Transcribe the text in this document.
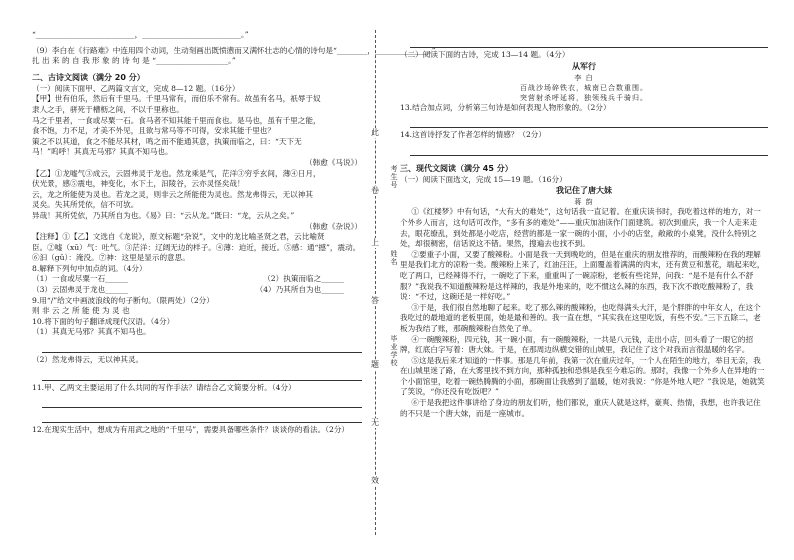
“__________________________，__________________________。”

（9）李白在《行路难》中连用四个动词，生动刻画出既愤懑而又满怀壮志的心情的诗句是“________，______________。”

扎 出 来 的 自 我 形 象 的 诗 句 是 “___________________。”

二、古诗文阅读（满分 20 分）

（一）阅读下面甲、乙两篇文言文，完成 8—12 题。（16分）

【甲】世有伯乐，然后有千里马。千里马常有，而伯乐不常有。故虽有名马，祇辱于奴

隶人之手，骈死于槽枥之间，不以千里称也。

马之千里者，一食或尽粟一石。食马者不知其能千里而食也。是马也，虽有千里之能，

食不饱，力不足，才美不外见，且欲与常马等不可得，安求其能千里也？

策之不以其道，食之不能尽其材，鸣之而不能通其意，执策而临之，曰：“天下无

马！”呜呼！其真无马邪？其真不知马也。

（韩愈《马说》）

【乙】①龙嘘气③成云，云固弗灵于龙也。然龙乘是气，茫洋③穷乎玄间，薄④日月，

伏光景，感⑤震电，神变化，水下土，汩陵谷，云亦灵怪矣哉！

云，龙之所能使为灵也。若龙之灵，则非云之所能使为灵也。然龙弗得云，无以神其

灵矣。失其所凭依，信不可欤。

异哉！其所凭依，乃其所自为也。《易》曰：“云从龙。”既曰：“龙，云从之矣。”

（韩愈《杂说》）

【注释】①【乙】文选自《龙说》，原文标题“杂说”，文中的龙比喻圣贤之君，云比喻贤

臣。②嘘（xū）气：吐气。③茫洋：辽阔无边的样子。④薄：迫近，接近。⑤感：通“撼”，震动。

⑥汩（gǔ）：淹没。⑦神：这里是显示的意思。

8.解释下列句中加点的词。（4分）

（1）一食或尽粟一石______	（2）执策而临之______
（3）云固弗灵于龙也______	（4）乃其所自为也______

9.用“/”给文中画波浪线的句子断句。（限两处）（2分）

则 非 云 之 所 能 使 为 灵 也

10.将下面的句子翻译成现代汉语。（4分）

（1）其真无马邪？其真不知马也。

（2）然龙弗得云，无以神其灵。

11.甲、乙两文主要运用了什么共同的写作手法？请结合乙文简要分析。（4分）

12.在现实生活中，想成为有用武之地的“千里马”，需要具备哪些条件？谈谈你的看法。（2分）

此
卷
上
答
题
无
效
考生号
姓名
毕业学校

（二）阅读下面的古诗，完成 13—14 题。（4分）

从军行

李 白

百战沙场碎铁衣，城南已合数重围。

突营射杀呼延将，独领残兵千骑归。

13.结合加点词，分析第三句诗是如何表现人物形象的。（2分）

14.这首诗抒发了作者怎样的情感？（2分）

三、现代文阅读（满分 45 分）

（一）阅读下面选文，完成 15—19 题。（16分）

我记住了唐大妹

蒋 韵

①《红楼梦》中有句话，“大有大的难处”，这句话我一直记着。在重庆读书时，我吃着这样的地方，对一个外乡人而言，这句话可改作，“多有多的难处”——重庆加油读作门面建筑。初次到重庆，我一个人走来走去，眼花缭乱，到处都是小吃店，经营的都是一家一碗的小面，小小的店堂，敞敞的小桌凳，没什么特别之处，却很稠密，信话说这不错。果然，搜遍去也找不到。

②要重子小面，又要了酸辣粉。小面是我一天到晚吃的，但是在重庆的朋友推荐的，而酸辣粉在我的理解里是我们北方的凉粉一类。酸辣粉上来了，红油汪汪，上面覆盖着满满的肉末，还有黄豆和葱花，端起来吃，吃了两口，已经辣得不行，一碗吃了下来，重重叫了一碗凉粉，老板有些诧异，问我：“是不是有什么不舒服？”我说我不知道酸辣粉是这样辣的，我是外地来的，吃不惯这么辣的东西，我下次不敢吃酸辣粉了，我说：“不过，这碗还是一样好吃。”

③于是，我们很自然地聊了起来。吃了那么辣的酸辣粉，也吃得满头大汗，是个胖胖的中年女人，在这个我吃过的最地道的老板里面，她是最和善的。我一直在想，“其实我在这里吃饭，有些不安。”三下五除二，老板为我结了账，那碗酸辣粉自然免了单。

④一碗酸辣粉，四元钱，其一碗小面，有一碗酸辣粉，一共是八元钱，走出小店，回头看了一眼它的招牌，红底白字写着：唐大妹。于是，在那周边纵横交错的山城里，我记住了这个对我而言很温暖的名字。

⑤这是我后来才知道的一件事。那是几年前，我第一次在重庆过年，一个人在陌生的地方，举目无亲，我在山城里迷了路，在大雾里找不到方向，那种孤独和恐惧是我至今难忘的。那时，我像一个外乡人在异地的一个小面馆里，吃着一碗热腾腾的小面，那碗面让我感到了温暖，她对我说：“你是外地人吧？”我说是，她就笑了笑说，“你还没有吃饭吧？”

⑥于是我把这件事讲给了身边的朋友们听，他们都说，重庆人就是这样，豪爽、热情，我想，也许我记住的不只是一个唐大妹，而是一座城市。
